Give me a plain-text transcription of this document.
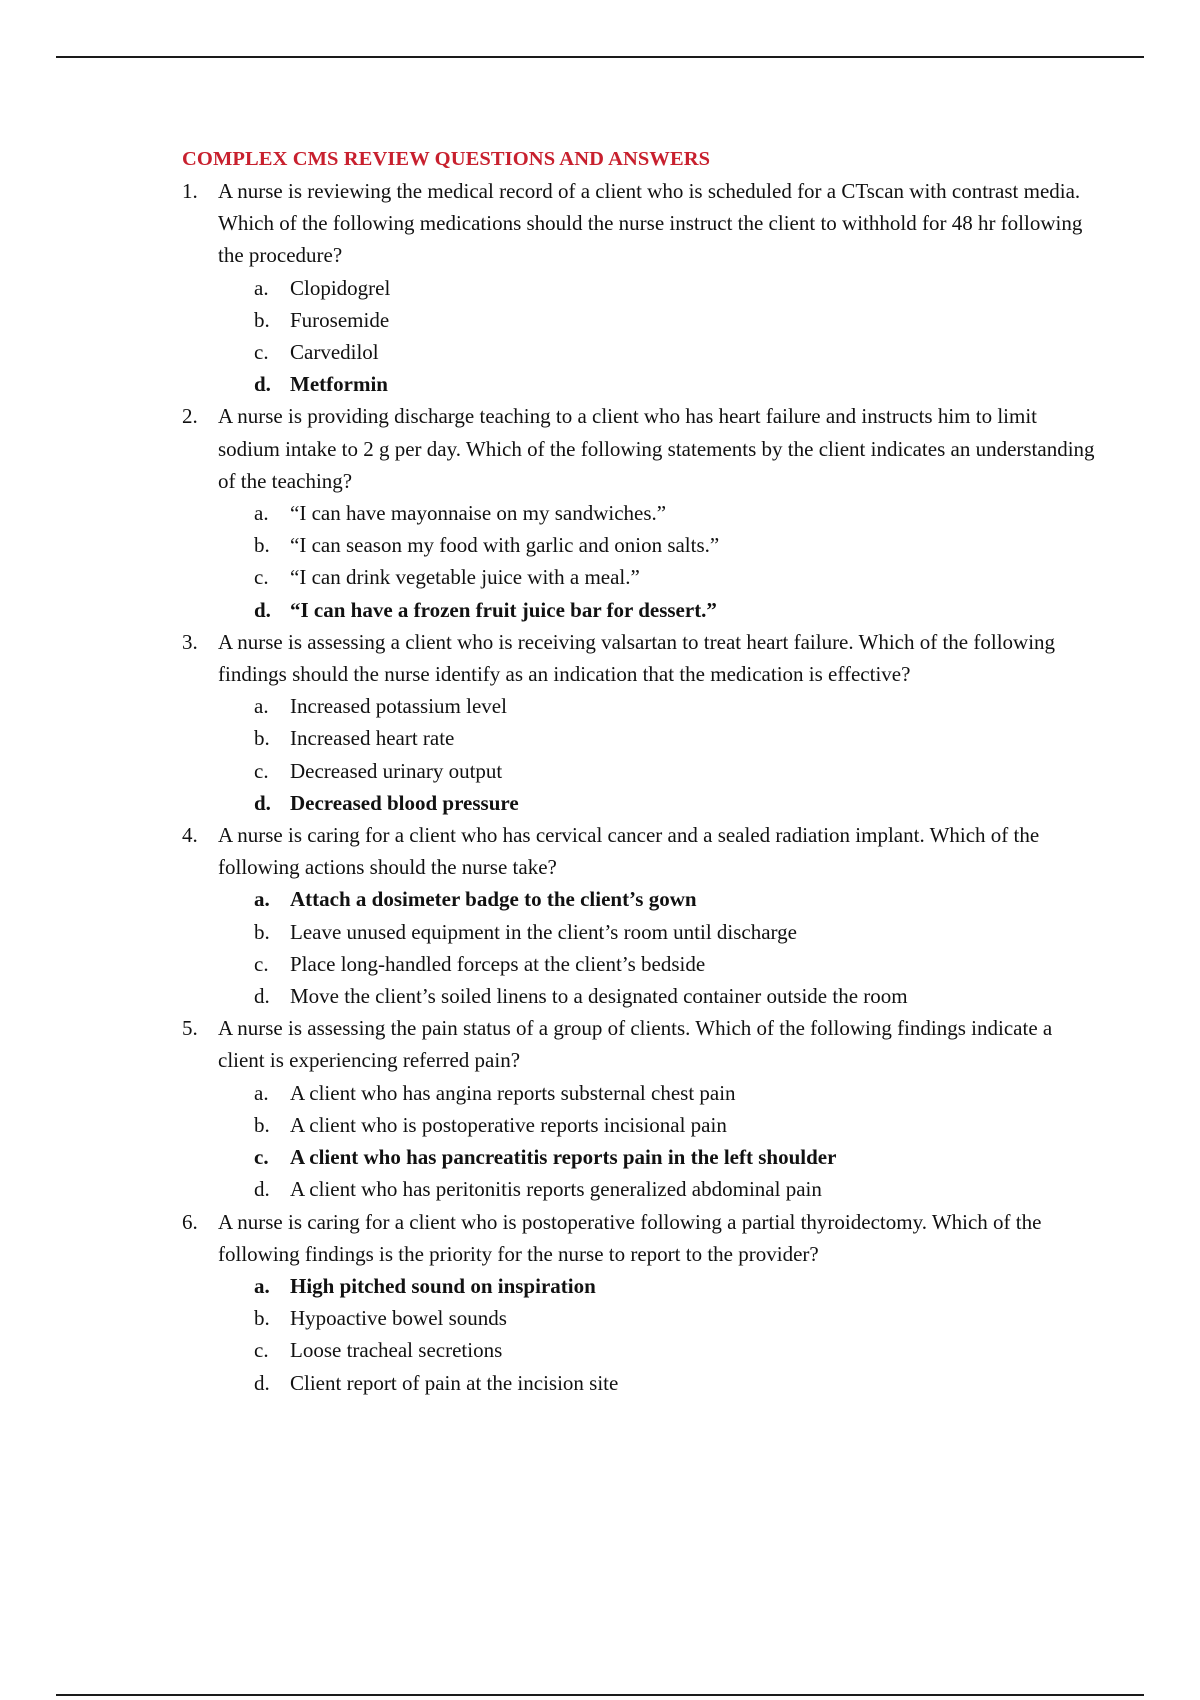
COMPLEX CMS REVIEW QUESTIONS AND ANSWERS
1. A nurse is reviewing the medical record of a client who is scheduled for a CTscan with contrast media. Which of the following medications should the nurse instruct the client to withhold for 48 hr following the procedure?

a. Clopidogrel
b. Furosemide
c. Carvedilol
d. Metformin
2. A nurse is providing discharge teaching to a client who has heart failure and instructs him to limit sodium intake to 2 g per day. Which of the following statements by the client indicates an understanding of the teaching?

a. “I can have mayonnaise on my sandwiches.”
b. “I can season my food with garlic and onion salts.”
c. “I can drink vegetable juice with a meal.”
d. “I can have a frozen fruit juice bar for dessert.”
3. A nurse is assessing a client who is receiving valsartan to treat heart failure. Which of the following findings should the nurse identify as an indication that the medication is effective?

a. Increased potassium level
b. Increased heart rate
c. Decreased urinary output
d. Decreased blood pressure
4. A nurse is caring for a client who has cervical cancer and a sealed radiation implant. Which of the following actions should the nurse take?

a. Attach a dosimeter badge to the client’s gown
b. Leave unused equipment in the client’s room until discharge
c. Place long-handled forceps at the client’s bedside
d. Move the client’s soiled linens to a designated container outside the room
5. A nurse is assessing the pain status of a group of clients. Which of the following findings indicate a client is experiencing referred pain?

a. A client who has angina reports substernal chest pain
b. A client who is postoperative reports incisional pain
c. A client who has pancreatitis reports pain in the left shoulder
d. A client who has peritonitis reports generalized abdominal pain
6. A nurse is caring for a client who is postoperative following a partial thyroidectomy. Which of the following findings is the priority for the nurse to report to the provider?

a. High pitched sound on inspiration
b. Hypoactive bowel sounds
c. Loose tracheal secretions
d. Client report of pain at the incision site
